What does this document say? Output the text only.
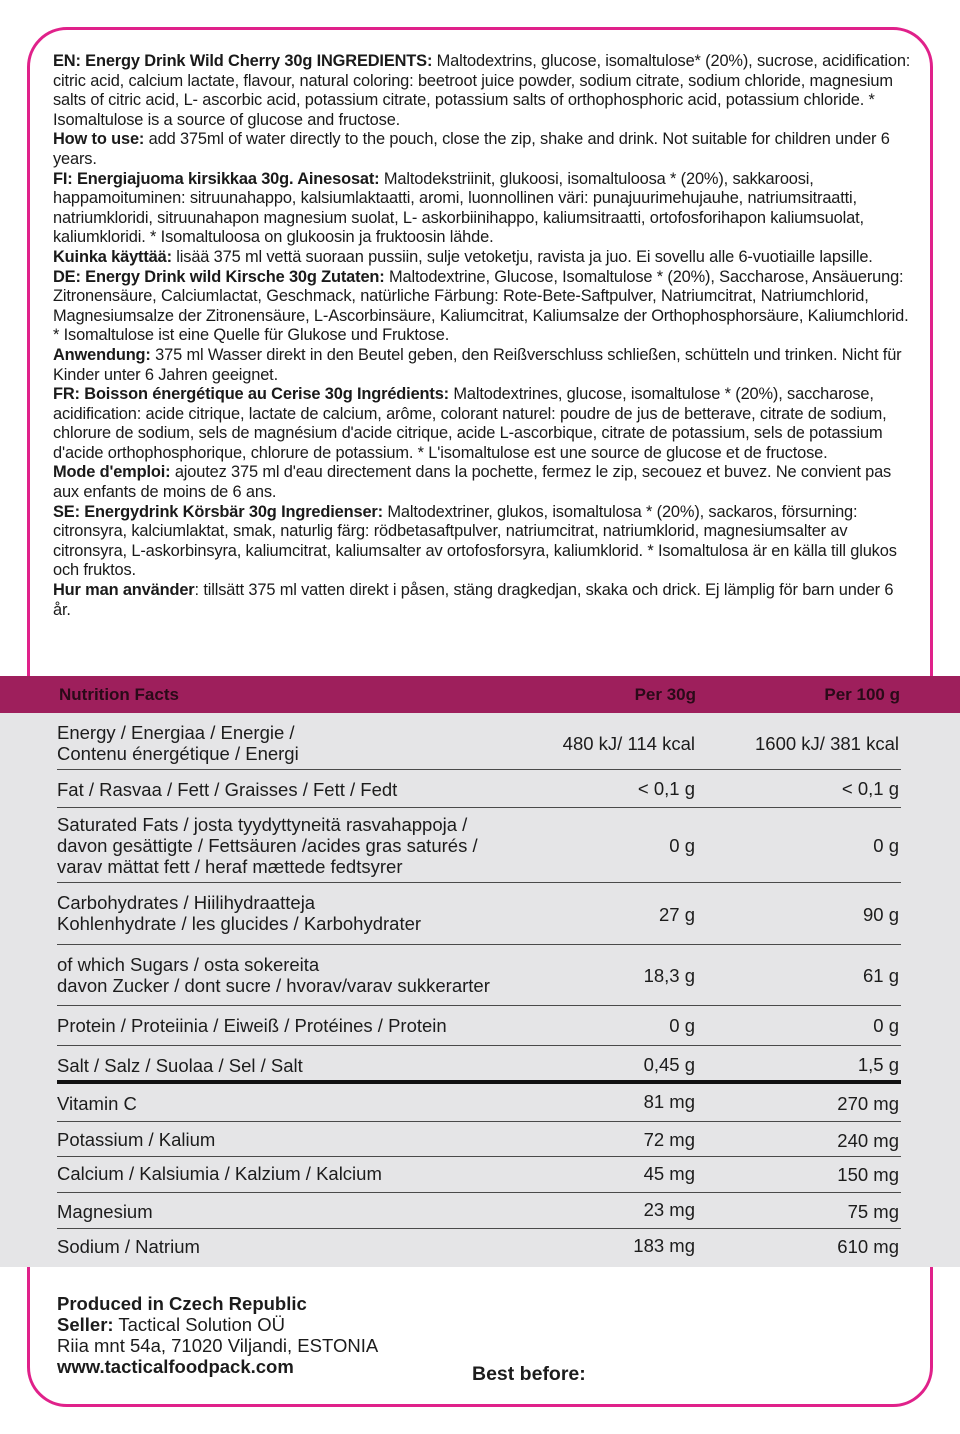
EN: Energy Drink Wild Cherry 30g INGREDIENTS: Maltodextrins, glucose, isomaltulose* (20%), sucrose, acidification: citric acid, calcium lactate, flavour, natural coloring: beetroot juice powder, sodium citrate, sodium chloride, magnesium salts of citric acid, L- ascorbic acid, potassium citrate, potassium salts of orthophosphoric acid, potassium chloride. * Isomaltulose is a source of glucose and fructose.

How to use: add 375ml of water directly to the pouch, close the zip, shake and drink. Not suitable for children under 6 years.

FI: Energiajuoma kirsikkaa 30g. Ainesosat: Maltodekstriinit, glukoosi, isomaltuloosa * (20%), sakkaroosi, happamoituminen: sitruunahappo, kalsiumlaktaatti, aromi, luonnollinen väri: punajuurimehujauhe, natriumsitraatti, natriumkloridi, sitruunahapon magnesium suolat, L- askorbiinihappo, kaliumsitraatti, ortofosforihapon kaliumsuolat, kaliumkloridi. * Isomaltuloosa on glukoosin ja fruktoosin lähde.

Kuinka käyttää: lisää 375 ml vettä suoraan pussiin, sulje vetoketju, ravista ja juo. Ei sovellu alle 6-vuotiaille lapsille.

DE: Energy Drink wild Kirsche 30g Zutaten: Maltodextrine, Glucose, Isomaltulose * (20%), Saccharose, Ansäuerung: Zitronensäure, Calciumlactat, Geschmack, natürliche Färbung: Rote-Bete-Saftpulver, Natriumcitrat, Natriumchlorid, Magnesiumsalze der Zitronensäure, L-Ascorbinsäure, Kaliumcitrat, Kaliumsalze der Orthophosphorsäure, Kaliumchlorid. * Isomaltulose ist eine Quelle für Glukose und Fruktose.

Anwendung: 375 ml Wasser direkt in den Beutel geben, den Reißverschluss schließen, schütteln und trinken. Nicht für Kinder unter 6 Jahren geeignet.

FR: Boisson énergétique au Cerise 30g Ingrédients: Maltodextrines, glucose, isomaltulose * (20%), saccharose, acidification: acide citrique, lactate de calcium, arôme, colorant naturel: poudre de jus de betterave, citrate de sodium, chlorure de sodium, sels de magnésium d'acide citrique, acide L-ascorbique, citrate de potassium, sels de potassium d'acide orthophosphorique, chlorure de potassium. * L'isomaltulose est une source de glucose et de fructose.

Mode d'emploi: ajoutez 375 ml d'eau directement dans la pochette, fermez le zip, secouez et buvez. Ne convient pas aux enfants de moins de 6 ans.

SE: Energydrink Körsbär 30g Ingredienser: Maltodextriner, glukos, isomaltulosa * (20%), sackaros, försurning: citronsyra, kalciumlaktat, smak, naturlig färg: rödbetasaftpulver, natriumcitrat, natriumklorid, magnesiumsalter av citronsyra, L-askorbinsyra, kaliumcitrat, kaliumsalter av ortofosforsyra, kaliumklorid. * Isomaltulosa är en källa till glukos och fruktos.

Hur man använder: tillsätt 375 ml vatten direkt i påsen, stäng dragkedjan, skaka och drick. Ej lämplig för barn under 6 år.

Nutrition Facts	Per 30g	Per 100 g
Energy / Energiaa / Energie /
Contenu énergétique / Energi	480 kJ/ 114 kcal	1600 kJ/ 381 kcal
Fat / Rasvaa / Fett / Graisses / Fett / Fedt	< 0,1 g	< 0,1 g
Saturated Fats / josta tyydyttyneitä rasvahappoja /
davon gesättigte / Fettsäuren /acides gras saturés /
varav mättat fett / heraf mættede fedtsyrer
0 g	0 g
Carbohydrates / Hiilihydraatteja
Kohlenhydrate / les glucides / Karbohydrater	27 g	90 g
of which Sugars / osta sokereita
davon Zucker / dont sucre / hvorav/varav sukkerarter	18,3 g	61 g
Protein / Proteiinia / Eiweiß / Protéines / Protein	0 g	0 g
Salt / Salz / Suolaa / Sel / Salt	0,45 g	1,5 g
Vitamin C	81 mg	270 mg
Potassium / Kalium	72 mg	240 mg
Calcium / Kalsiumia / Kalzium / Kalcium	45 mg	150 mg
Magnesium	23 mg	75 mg
Sodium / Natrium	183 mg	610 mg
Produced in Czech Republic
Seller: Tactical Solution OÜ
Riia mnt 54a, 71020 Viljandi, ESTONIA
www.tacticalfoodpack.com	Best before:
